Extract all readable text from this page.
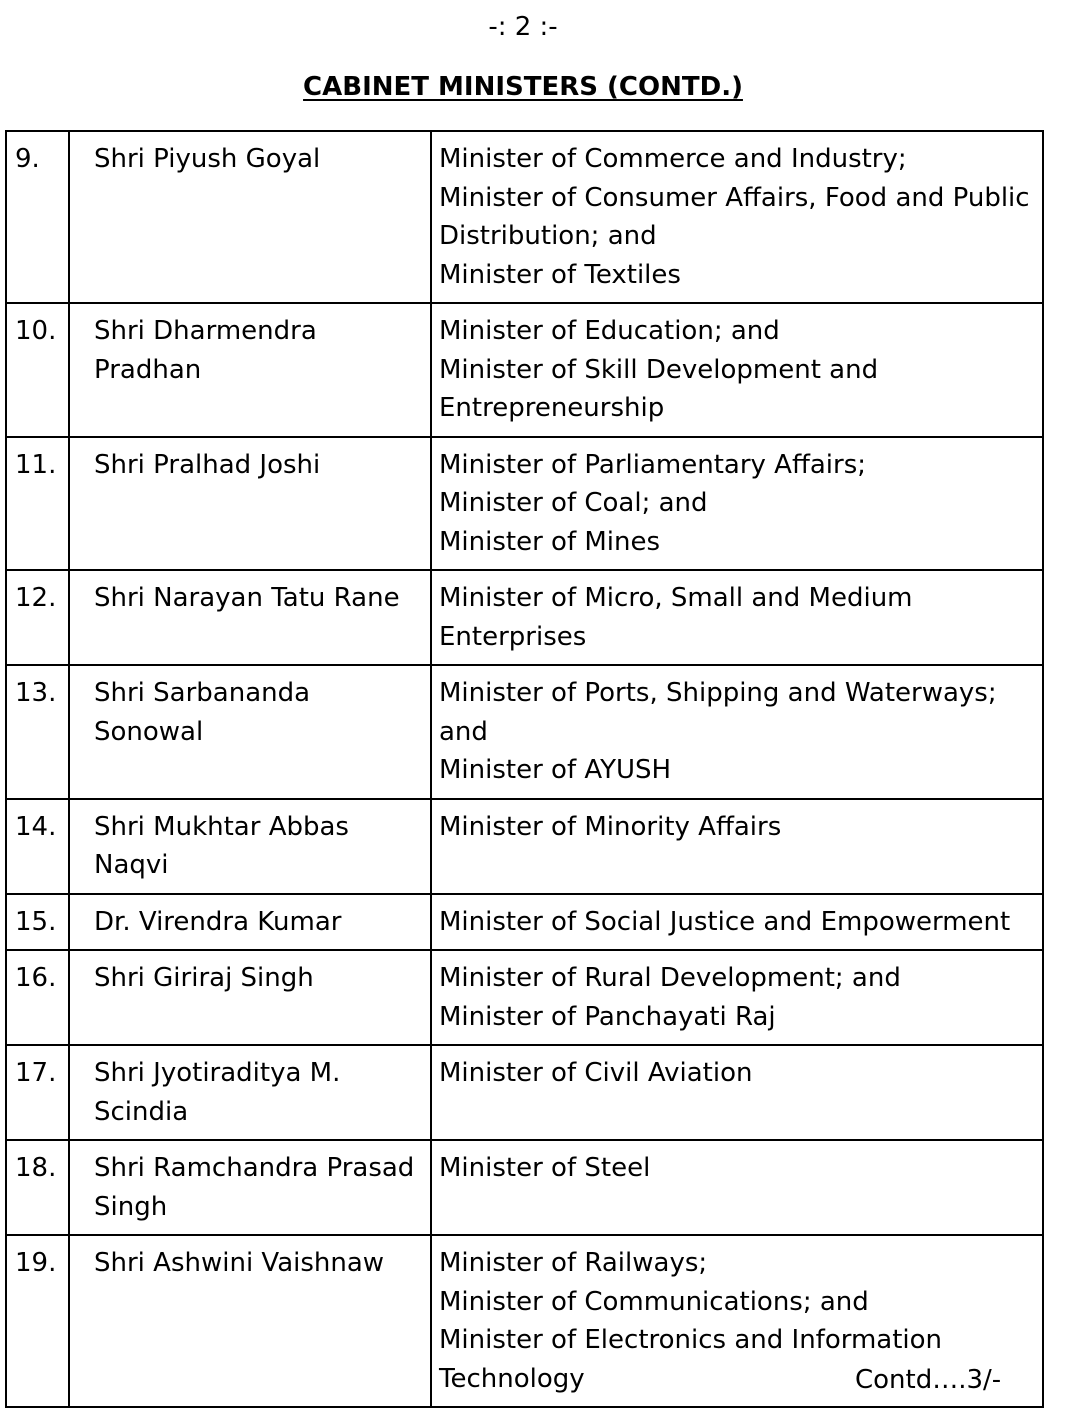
-: 2 :-
CABINET MINISTERS (CONTD.)
9.	Shri Piyush Goyal	Minister of Commerce and Industry;
Minister of Consumer Affairs, Food and Public Distribution; and
Minister of Textiles

10.	Shri Dharmendra Pradhan	Minister of Education; and
Minister of Skill Development and Entrepreneurship

11.	Shri Pralhad Joshi	Minister of Parliamentary Affairs;
Minister of Coal; and
Minister of Mines

12.	Shri Narayan Tatu Rane	Minister of Micro, Small and Medium Enterprises

13.	Shri Sarbananda Sonowal	Minister of Ports, Shipping and Waterways; and
Minister of AYUSH

14.	Shri Mukhtar Abbas Naqvi	Minister of Minority Affairs

15.	Dr. Virendra Kumar	Minister of Social Justice and Empowerment

16.	Shri Giriraj Singh	Minister of Rural Development; and
Minister of Panchayati Raj

17.	Shri Jyotiraditya M. Scindia	Minister of Civil Aviation

18.	Shri Ramchandra Prasad Singh	Minister of Steel

19.	Shri Ashwini Vaishnaw	Minister of Railways;
Minister of Communications; and
Minister of Electronics and Information Technology	Contd….3/-
